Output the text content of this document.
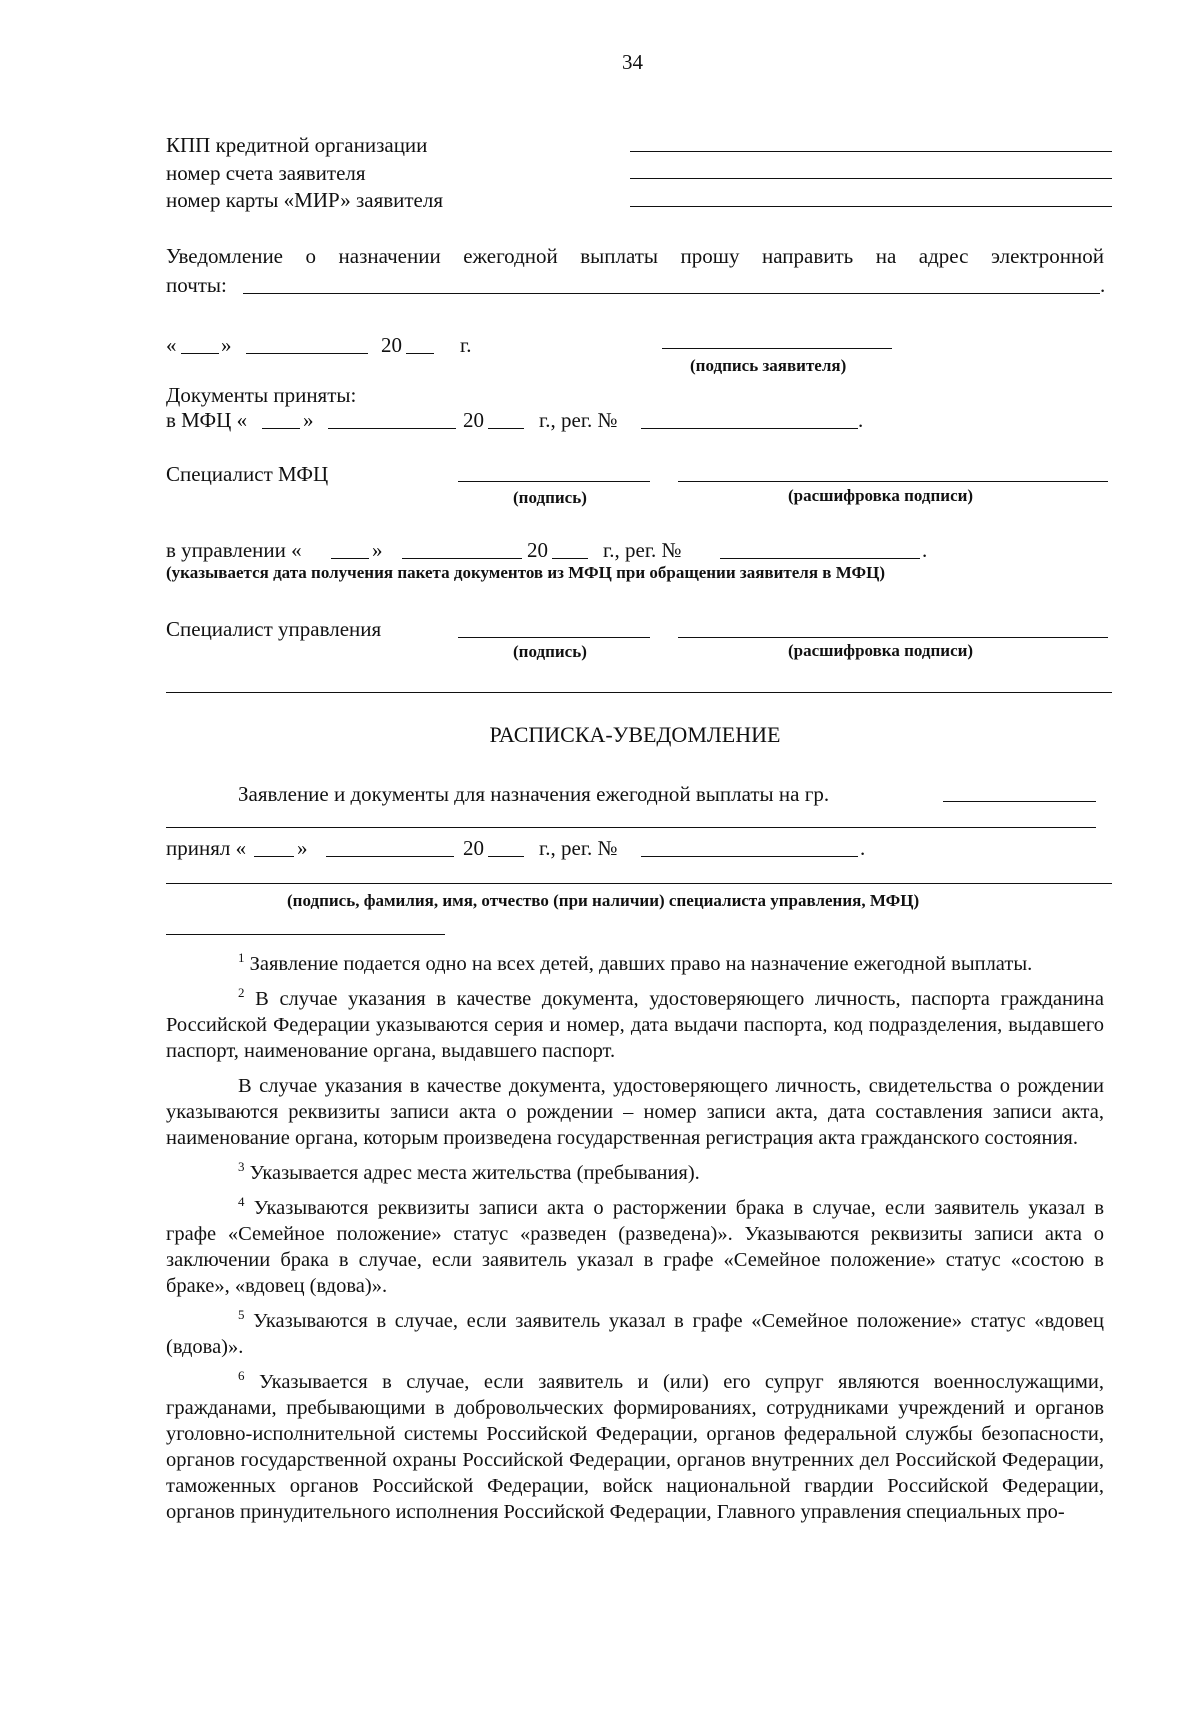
34
КПП кредитной организации
номер счета заявителя
номер карты «МИР» заявителя
Уведомление о назначении ежегодной выплаты прошу направить на адрес электронной
почты:	.
« »	20	г.
(подпись заявителя)
Документы приняты:
в МФЦ «	»	20	г., рег. №	.
Специалист МФЦ
(подпись)	(расшифровка подписи)
в управлении «	»	20	г., рег. №	.
(указывается дата получения пакета документов из МФЦ при обращении заявителя в МФЦ)
Специалист управления
(подпись)	(расшифровка подписи)
РАСПИСКА-УВЕДОМЛЕНИЕ
Заявление и документы для назначения ежегодной выплаты на гр.
принял « »	20	г., рег. №	.
(подпись, фамилия, имя, отчество (при наличии) специалиста управления, МФЦ)

$^1$ Заявление подается одно на всех детей, давших право на назначение ежегодной выплаты.

$^2$ В случае указания в качестве документа, удостоверяющего личность, паспорта гражданина Российской Федерации указываются серия и номер, дата выдачи паспорта, код подразделения, выдавшего паспорт, наименование органа, выдавшего паспорт.

В случае указания в качестве документа, удостоверяющего личность, свидетельства о рождении указываются реквизиты записи акта о рождении – номер записи акта, дата составления записи акта, наименование органа, которым произведена государственная регистрация акта гражданского состояния.

$^3$ Указывается адрес места жительства (пребывания).

$^4$ Указываются реквизиты записи акта о расторжении брака в случае, если заявитель указал в графе «Семейное положение» статус «разведен (разведена)». Указываются реквизиты записи акта о заключении брака в случае, если заявитель указал в графе «Семейное положение» статус «состою в браке», «вдовец (вдова)».

$^5$ Указываются в случае, если заявитель указал в графе «Семейное положение» статус «вдовец (вдова)».

$^6$ Указывается в случае, если заявитель и (или) его супруг являются военнослужащими, гражданами, пребывающими в добровольческих формированиях, сотрудниками учреждений и органов уголовно-исполнительной системы Российской Федерации, органов федеральной службы безопасности, органов государственной охраны Российской Федерации, органов внутренних дел Российской Федерации, таможенных органов Российской Федерации, войск национальной гвардии Российской Федерации, органов принудительного исполнения Российской Федерации, Главного управления специальных про-
